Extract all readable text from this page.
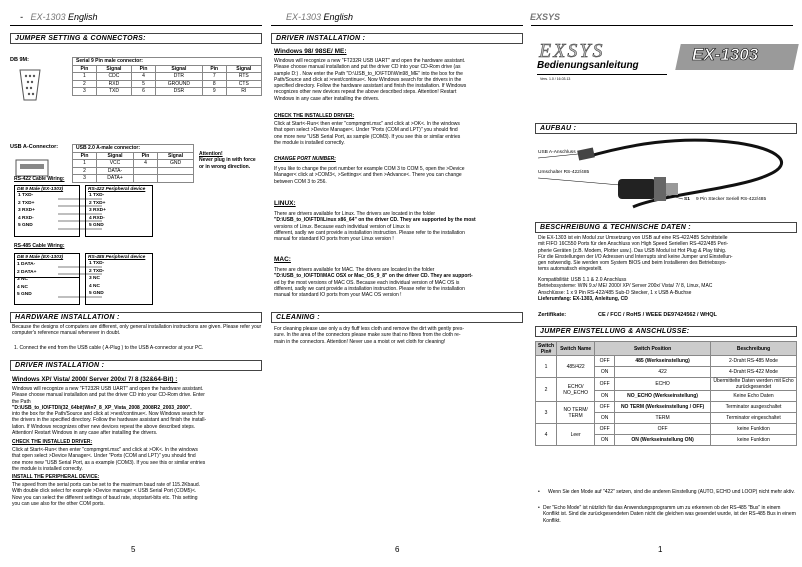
-   EX-1303 English	EX-1303 English	EXSYS
JUMPER SETTING & CONNECTORS:
DB 9M:	Serial 9 Pin male connector:					
Pin	Signal	Pin	Signal	Pin	Signal
1	CDC	4	DTR	7	RTS
2	RXD	5	GROUND	8	CTS
3	TXD	6	DSR	9	RI
USB A-Connector:	USB 2.0 A-male connector:			
Pin	Signal	Pin	Signal
1	VCC	4	GND
2	DATA-		
3	DATA+		
Attention!
Never plug in with force or in wrong direction.
RS-422 Cable Wiring:
DB 9 Male (EX-1303)
1 TXD-
2 TXD+
3 RXD+
4 RXD-
5 GND
RS-422 Peripheral device
1 TXD-
2 TXD+
3 RXD+
4 RXD-
5 GND
RS-485 Cable Wiring:
DB 9 Male (EX-1303)
1 DATA-
2 DATA+
3 NC
4 NC
5 GND
RS-485 Peripheral device
1 TXD-
2 TXD-
3 NC
4 NC
5 GND
HARDWARE INSTALLATION :
Because the designs of computers are different, only general installation instructions are given. Please refer your computer's reference manual whenever in doubt.
1. Connect the end from the USB cable ( A-Plug ) to the USB A-connector at your PC.
DRIVER INSTALLATION :
Windows XP/ Vista/ 2000/ Server 200x/ 7/ 8 (32&64-Bit) :
Windows will recognize a new "FT232R USB UART" and open the hardware assistant.
Please choose manual installation and put the driver CD into your CD-Rom drive. Enter
the Path
"D:\USB_to_IO\FTDI\(32_64bit)Win7_8_XP_Vista_2008_2008R2_2003_2000".
into the box for the Path/Source and click at >next/continue<. Now Windows search for
the drivers in the specified directory. Follow the hardware assistant and finish the install-
lation. If Windows recognizes other new devices repeat the above described steps.
Attention! Restart Windows in any case after installing the drivers.
CHECK THE INSTALLED DRIVER:
Click at Start<-Run< then enter "compmgmt.msc" and click at >OK<. In the windows
that open select >Device Manager<. Under "Ports (COM and LPT)" you should find
one more new "USB Serial Port, as a example (COM3). If you see this or similar entries
the module is installed correctly.
INSTALL THE PERIPHERAL DEVICE:
The speed from the serial ports can be set to the maximum baud rate of 115.2Kbaud.
With double click select for example >Device manager < USB Serial Port (COM5)<.
Now you can select the different settings of baud rate, stopstart-bits etc. This setting
you can use also for the other COM ports.
DRIVER INSTALLATION :
Windows 98/ 98SE/ ME:
Windows will recognize a new "FT232R USB UART" and open the hardware assistant.
Please choose manual installation and put the driver CD into your CD-Rom drive (as
sample D:) . Now enter the Path "D:\USB_to_IO\FTDI\Win98_ME" into the box for the
Path/Source and click at >next/continue<. Now Windows search for the drivers in the
specified directory. Follow the hardware assistant and finish the installation. If Windows
recognizes other new devices repeat the above described steps. Attention! Restart
Windows in any case after installing the drivers.
CHECK THE INSTALLED DRIVER:
Click at Start<-Run< then enter "compmgmt.msc" and click at >OK<. In the windows
that open select >Device Manager<. Under "Ports (COM and LPT)" you should find
one more new "USB Serial Port, as sample (COM3). If you see this or similar entries
the module is installed correctly.
CHANGE PORT NUMBER:
If you like to change the port number for example COM 3 to COM 5, open the >Device
Manager< click at >COM3<, >Settings< and then >Advance<. There you can change
between COM 3 to 256.
LINUX:
There are drivers available for Linux. The drivers are located in the folder
"D:\USB_to_IO\FTDI\Linux x86_64" on the driver CD. They are supported by the most
versions of Linux. Because each individual version of Linux is
different, sadly we cant provide a installation instruction. Please refer to the installation
manual for standard IO ports from your Linux version !
MAC:
There are drivers available for MAC. The drivers are located in the folder
"D:\USB_to_IO\FTDI\MAC OSX or Mac_OS_9_8" on the driver CD. They are support-
ed by the most versions of MAC OS. Because each individual version of MAC OS is
different, sadly we cant provide a installation instruction. Please refer to the installation
manual for standard IO ports from your MAC OS version !
CLEANING :
For cleaning please use only a dry fluff less cloth and remove the dirt with gently pres-
sure. In the area of the connectors please make sure that no fibres from the cloth re-
main in the connectors. Attention! Never use a moist or wet cloth for cleaning!
EXSYS
Bedienungsanleitung
Vers. 1.0 / 16.03.13
EX-1303
AUFBAU :
USB A-Anschluss
Umschalter RS-422/485
S1 9 Pin Stecker Seriell RS-422/485
BESCHREIBUNG & TECHNISCHE DATEN :
Die EX-1303 ist ein Modul zur Umsetzung von USB auf eine RS-422/485 Schnittstelle
mit FIFO 16C550 Ports für den Anschluss von High Speed Seriellen RS-422/485 Peri-
pherie Geräten (z.B. Modem, Plotter usw.). Das USB Modul ist Hot Plug & Play fähig.
Für die Einstellungen der I/O Adressen und Interrupts sind keine Jumper und Einstellun-
gen notwendig. Sie werden vom System BIOS und beim Installieren des Betriebssys-
tems automatisch eingestellt.
Kompatibilität: USB 1.1 & 2.0 Anschluss
Betriebssysteme: WIN 9.x/ ME/ 2000/ XP/ Server 200x/ Vista/ 7/ 8, Linux, MAC
Anschlüsse: 1 x 9 Pin RS-422/485 Sub-D Stecker, 1 x USB A-Buchse
Lieferumfang: EX-1303, Anleitung, CD
Zertifikate:	CE / FCC / RoHS / WEEE DE97424562 / WHQL
JUMPER EINSTELLUNG & ANSCHLÜSSE:
Switch Pin#	Switch Name	Switch Position		Beschreibung
1	485/422	OFF	485 (Werkseinstellung)	2-Draht RS-485 Mode
		ON	422	4-Draht RS-422 Mode
2	ECHO/ NO_ECHO	OFF	ECHO	Übermittelte Daten werden mit Echo zurückgesendet
		ON	NO_ECHO (Werkseinstellung)	Keine Echo Daten
3	NO TERM/ TERM	OFF	NO TERM (Werkseinstellung / OFF)	Terminator ausgeschaltet
		ON	TERM	Terminator eingeschaltet
4	Leer	OFF	OFF	keine Funktion
		ON	ON (Werkseinstellung ON)	keine Funktion
•	Wenn Sie den Mode auf "422" setzen, sind die anderen Einstellung (AUTO, ECHO und LOOP) nicht mehr aktiv.
• Der "Echo Mode" ist nützlich für das Anwendungsprogramm um zu erkennen ob der RS-485 "Bus" in einem Konflikt ist. Sind die zurückgesendeten Daten nicht die gleichen was gesendet wurde, ist der RS-485 Bus in einem Konflikt.
5	6	1
